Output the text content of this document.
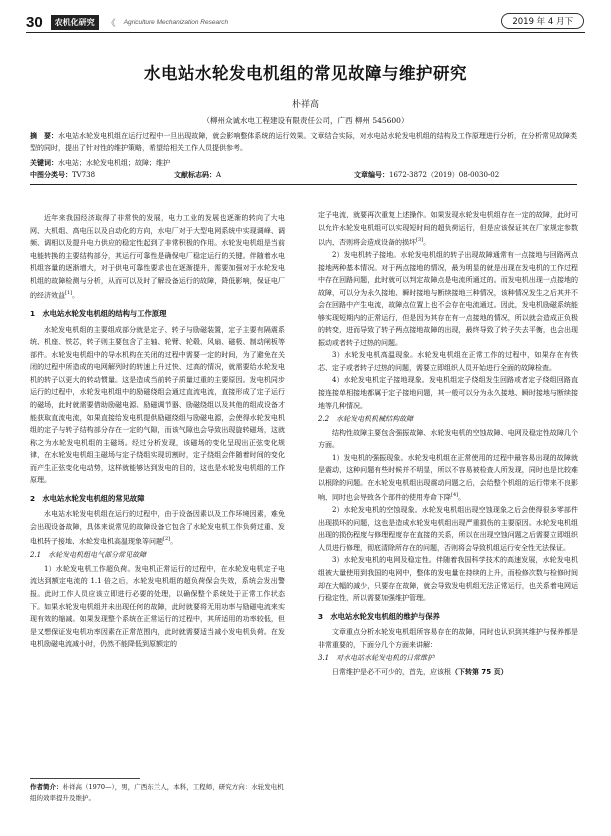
30	农机化研究	《 Agriculture Mechanization Research	2019 年 4 月下
水电站水轮发电机组的常见故障与维护研究
朴祥高
（柳州众诚水电工程建设有限责任公司，广西 柳州 545600）
摘　要：水电站水轮发电机组在运行过程中一旦出现故障，就会影响整体系统的运行效果。文章结合实际，对水电站水轮发电机组的结构及工作原理进行分析，在分析常见故障类型的同时，提出了针对性的维护策略，希望给相关工作人员提供参考。
关键词：水电站；水轮发电机组；故障；维护
中图分类号：TV738	文献标志码：A	文章编号：1672-3872（2019）08-0030-02

近年来我国经济取得了非常快的发展，电力工业的发展也逐渐的转向了大电网、大机组、高电压以及自动化的方向，水电厂对于大型电网系统中实现调峰、调频、调相以及提升电力供应的稳定性起到了非常积极的作用。水轮发电机组是当前电能转换的主要结构部分，其运行可靠性是确保电厂稳定运行的关键。伴随着水电机组容量的逐渐增大，对于供电可靠性要求也在逐渐提升，需要加强对于水轮发电机组的故障检测与分析，从而可以及时了解设备运行的故障，降低影响，保证电厂的经济效益[1]。

1　水电站水轮发电机组的结构与工作原理

水轮发电机组的主要组成部分就是定子、转子与励磁装置，定子主要有隔震系统、机座、铁芯，转子则主要包含了主轴、轮臂、轮毂、风扇、磁极、制动闸板等部件。水轮发电机组中的导水机构在关闭的过程中需要一定的时间，为了避免在关闭的过程中所造成的电网解列时的转速上升过快、过高的情况，就需要给水轮发电机的转子以更大的转动惯量。这是造成当前转子质量过重的主要原因。发电机同步运行的过程中，水轮发电机组中的励磁绕组会通过直流电流，直接形成了定子运行的磁场，此时就需要借助励磁电源、励磁调节器、励磁绕组以及其他的组成设备才能获取直流电流，如果直接给发电机提供励磁绕组与励磁电源，会使得水轮发电机组的定子与转子结构部分存在一定的气隙，而该气隙也会导致出现旋转磁场，这就称之为水轮发电机组的主磁场。经过分析发现，该磁场的变化呈现出正弦变化规律，在水轮发电机组主磁场与定子绕组实现切割时，定子绕组会伴随着时间的变化而产生正弦变化电动势，这样就能够达到发电的目的，这也是水轮发电机组的工作原理。

2　水电站水轮发电机组的常见故障

水电站水轮发电机组在运行的过程中，由于设备因素以及工作环境因素，难免会出现设备故障，具体来说常见的故障设备它包含了水轮发电机工作负荷过重、发电机转子接地、水轮发电机高温现象等问题[2]。

2.1　水轮发电机组电气部分常见故障

1）水轮发电机工作超负荷。发电机正常运行的过程中，在水轮发电机定子电流达到额定电流的 1.1 倍之后，水轮发电机组的超负荷保会失效，系统会发出警报。此时工作人员应该立即进行必要的处理，以确保整个系统处于正常工作状态下。如果水轮发电机组并未出现任何的故障，此时就要将无用功率与励磁电流来实现有效的缩减。如果发现整个系统在正常运行的过程中，其所适用的功率较低，但是又想保证发电机功率因素在正常范围内，此时就需要适当减小发电机负荷。在发电机励磁电流减小时，仍然不能降低到原额定的

定子电流，就要再次重复上述操作。如果发现水轮发电机组存在一定的故障，此时可以允许水轮发电机组可以实现短时间的超负荷运行，但是应该保证其在厂家规定参数以内，否则将会造成设备的损坏[3]。

2）发电机转子接地。水轮发电机组的转子出现故障通常有一点接地与回路两点接地两种基本情况。对于两点接地的情况，最为明显的就是出现在发电机的工作过程中存在回路问题，此时就可以判定故障点是电流所通过的。而发电机出现一点接地的故障，可以分为永久接地、瞬时接地与断续接地三种情况，该种情况发生之后其并不会在回路中产生电流，故障点位置上也不会存在电流通过。因此，发电机励磁系统能够实现短期内的正常运行，但是因为其存在有一点接地的情况，所以就会造成正负极的转变，进而导致了转子两点接地故障的出现，最终导致了转子失去平衡，也会出现振动或者转子过热的问题。

3）水轮发电机高温现象。水轮发电机组在正常工作的过程中，如果存在有铁芯、定子或者转子过热的问题，需要立即组织人员开始进行全面的故障检查。

4）水轮发电机定子接地现象。发电机组定子绕组发生回路或者定子绕组回路直接连接单相接地都属于定子接地问题，其一般可以分为永久接地、瞬时接地与断续接地等几种情况。

2.2　水轮发电机机械结构故障

结构性故障主要包含强振故障、水轮发电机的空蚀故障、电网及稳定性故障几个方面。

1）发电机的强振现象。水轮发电机组在正常使用的过程中最容易出现的故障就是震动，这种问题有些时候并不明显，所以不容易被检查人所发现，同时也是比较难以根除的问题。在水轮发电机组出现震动问题之后，会给整个机组的运行带来不良影响，同时也会导致各个部件的使用寿命下降[4]。

2）水轮发电机的空蚀现象。水轮发电机组出现空蚀现象之后会使得很多零部件出现损坏的问题，这也是造成水轮发电机组出现严重损伤的主要原因。水轮发电机组出现的损伤程度与修理程度存在直接的关系，所以在出现空蚀问题之后需要立即组织人员进行修理，彻底清除所存在的问题，否则将会导致机组运行安全性无法保证。

3）水轮发电机的电网及稳定性。伴随着我国科学技术的高速发展，水轮发电机组被大量使用到我国的电网中，整体的发电量在持续的上升，而检修次数与检修时间却在大幅的减少，只要存在故障，就会导致发电机组无法正常运行，也关系着电网运行稳定性，所以需要加强维护管理。

3　水电站水轮发电机组的维护与保养

文章重点分析水轮发电机组所容易存在的故障，同时也认识到其维护与保养都是非常重要的，下面分几个方面来讲解：

3.1　对水电站水轮发电机的日常维护

日常维护是必不可少的，首先，应该根（下转第 75 页）

作者简介：朴祥高（1970—），男，广西东兰人，本科，工程师，研究方向：水轮发电机组的效率提升及维护。
